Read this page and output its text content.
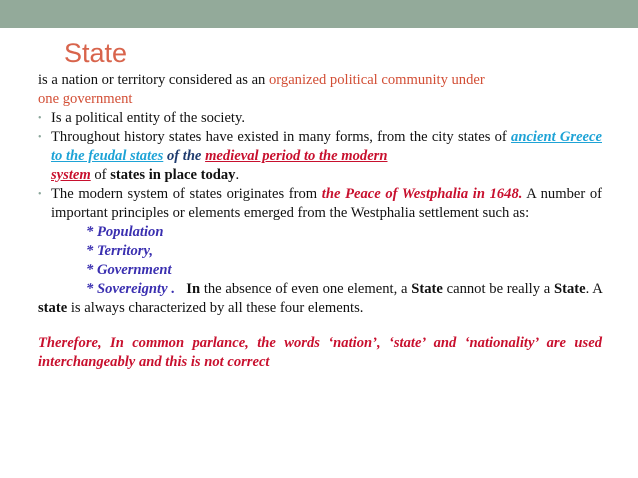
State

is a nation or territory considered as an organized political community under
one government

• Is a political entity of the society.

• Throughout history states have existed in many forms, from the city states of ancient Greece to the feudal states of the medieval period to the modern
system of states in place today.

• The modern system of states originates from the Peace of Westphalia in 1648. A number of important principles or elements emerged from the Westphalia settlement such as:

* Population

* Territory,

* Government

* Sovereignty . In the absence of even one element, a State cannot be really a State. A state is always characterized by all these four elements.

Therefore, In common parlance, the words ‘nation’, ‘state’ and ‘nationality’ are used interchangeably and this is not correct
